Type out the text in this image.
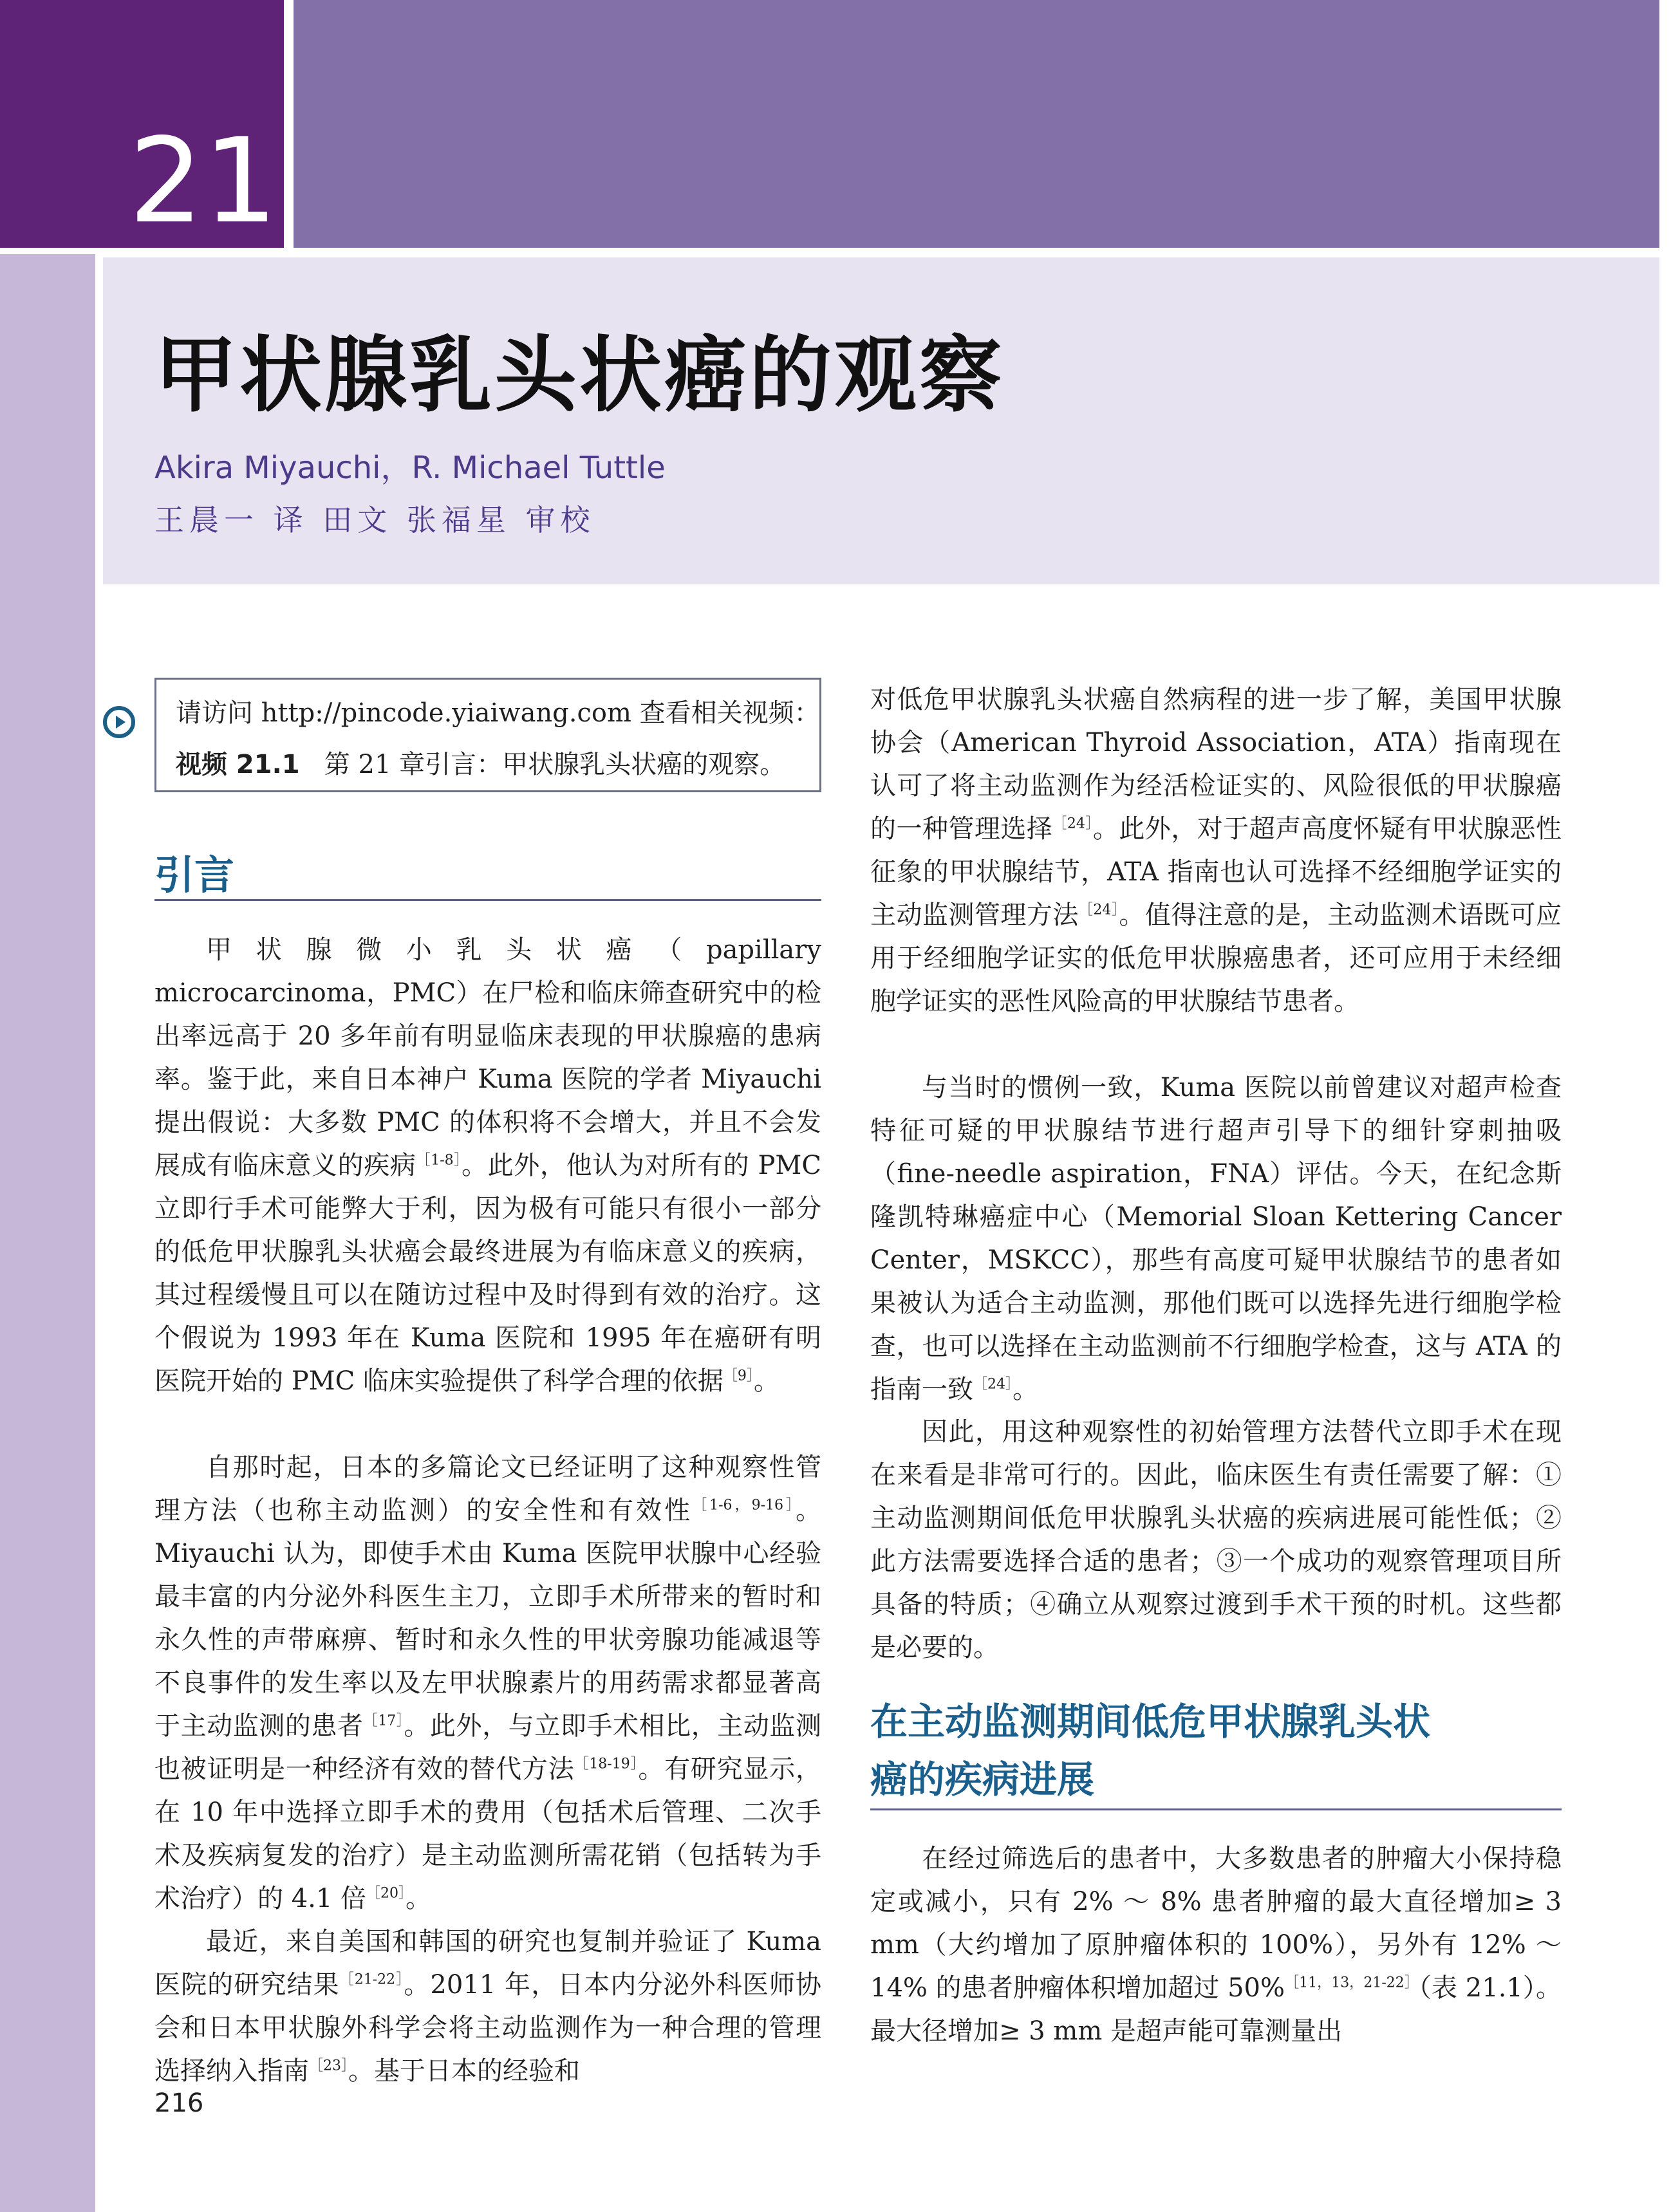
21
甲状腺乳头状癌的观察
Akira Miyauchi，R. Michael Tuttle
王晨一 译 田文 张福星 审校
请访问 http://pincode.yiaiwang.com 查看相关视频：
视频 21.1 第 21 章引言：甲状腺乳头状癌的观察。
引言

甲状腺微小乳头状癌（papillary microcarcinoma，PMC）在尸检和临床筛查研究中的检出率远高于 20 多年前有明显临床表现的甲状腺癌的患病率。鉴于此，来自日本神户 Kuma 医院的学者 Miyauchi 提出假说：大多数 PMC 的体积将不会增大，并且不会发展成有临床意义的疾病$^{[1-8]}$。此外，他认为对所有的 PMC 立即行手术可能弊大于利，因为极有可能只有很小一部分的低危甲状腺乳头状癌会最终进展为有临床意义的疾病，其过程缓慢且可以在随访过程中及时得到有效的治疗。这个假说为 1993 年在 Kuma 医院和 1995 年在癌研有明医院开始的 PMC 临床实验提供了科学合理的依据$^{[9]}$。

自那时起，日本的多篇论文已经证明了这种观察性管理方法（也称主动监测）的安全性和有效性$^{[1-6,9-16]}$。Miyauchi 认为，即使手术由 Kuma 医院甲状腺中心经验最丰富的内分泌外科医生主刀，立即手术所带来的暂时和永久性的声带麻痹、暂时和永久性的甲状旁腺功能减退等不良事件的发生率以及左甲状腺素片的用药需求都显著高于主动监测的患者$^{[17]}$。此外，与立即手术相比，主动监测也被证明是一种经济有效的替代方法$^{[18-19]}$。有研究显示，在 10 年中选择立即手术的费用（包括术后管理、二次手术及疾病复发的治疗）是主动监测所需花销（包括转为手术治疗）的 4.1 倍$^{[20]}$。

最近，来自美国和韩国的研究也复制并验证了 Kuma 医院的研究结果$^{[21-22]}$。2011 年，日本内分泌外科医师协会和日本甲状腺外科学会将主动监测作为一种合理的管理选择纳入指南$^{[23]}$。基于日本的经验和

对低危甲状腺乳头状癌自然病程的进一步了解，美国甲状腺协会（American Thyroid Association，ATA）指南现在认可了将主动监测作为经活检证实的、风险很低的甲状腺癌的一种管理选择$^{[24]}$。此外，对于超声高度怀疑有甲状腺恶性征象的甲状腺结节，ATA 指南也认可选择不经细胞学证实的主动监测管理方法$^{[24]}$。值得注意的是，主动监测术语既可应用于经细胞学证实的低危甲状腺癌患者，还可应用于未经细胞学证实的恶性风险高的甲状腺结节患者。

与当时的惯例一致，Kuma 医院以前曾建议对超声检查特征可疑的甲状腺结节进行超声引导下的细针穿刺抽吸（fine-needle aspiration，FNA）评估。今天，在纪念斯隆凯特琳癌症中心（Memorial Sloan Kettering Cancer Center，MSKCC），那些有高度可疑甲状腺结节的患者如果被认为适合主动监测，那他们既可以选择先进行细胞学检查，也可以选择在主动监测前不行细胞学检查，这与 ATA 的指南一致$^{[24]}$。

因此，用这种观察性的初始管理方法替代立即手术在现在来看是非常可行的。因此，临床医生有责任需要了解：①主动监测期间低危甲状腺乳头状癌的疾病进展可能性低；②此方法需要选择合适的患者；③一个成功的观察管理项目所具备的特质；④确立从观察过渡到手术干预的时机。这些都是必要的。

在主动监测期间低危甲状腺乳头状
癌的疾病进展

在经过筛选后的患者中，大多数患者的肿瘤大小保持稳定或减小，只有 2% ～ 8% 患者肿瘤的最大直径增加≥ 3 mm（大约增加了原肿瘤体积的 100%），另外有 12% ～ 14% 的患者肿瘤体积增加超过 50%$^{[11,13,21-22]}$（表 21.1）。最大径增加≥ 3 mm 是超声能可靠测量出

216
